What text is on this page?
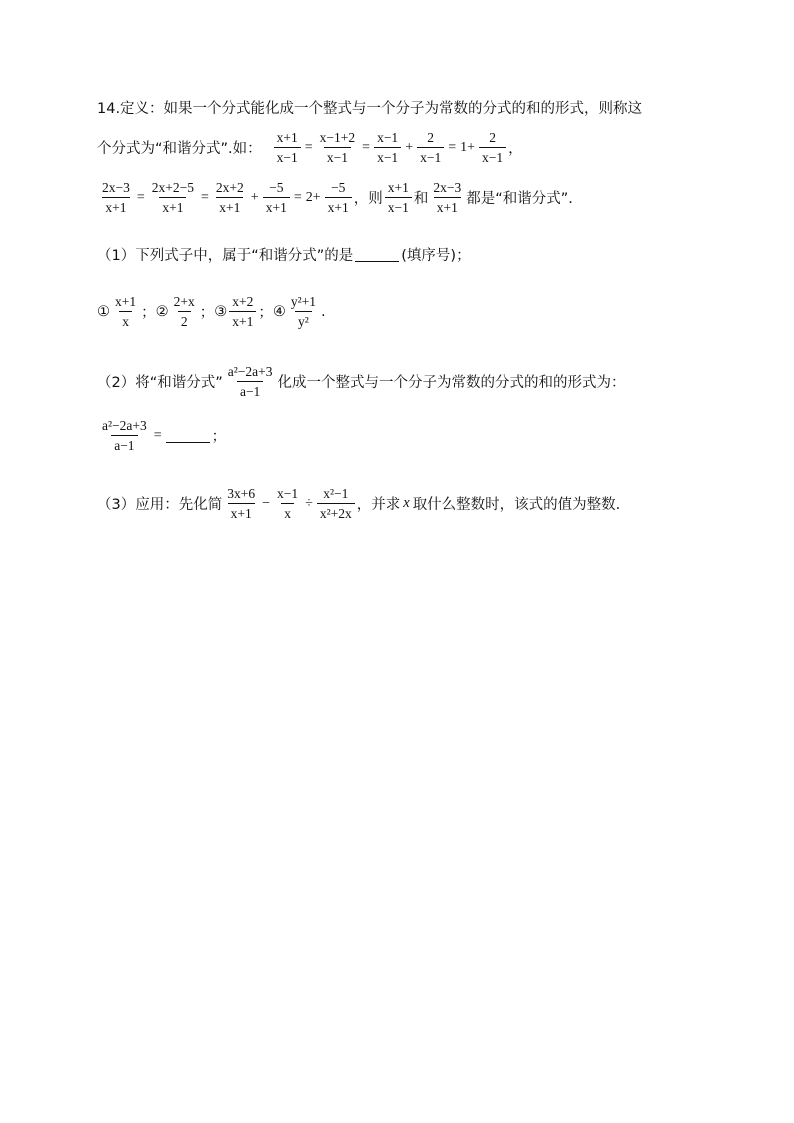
14.定义：如果一个分式能化成一个整式与一个分子为常数的分式的和的形式，则称这
个分式为“和谐分式”.如： $\frac{x+1}{x-1} = \frac{x-1+2}{x-1} = \frac{x-1}{x-1} + \frac{2}{x-1} = 1+ \frac{2}{x-1}$ ，
$\frac{2x-3}{x+1} = \frac{2x+2-5}{x+1} = \frac{2x+2}{x+1} + \frac{-5}{x+1} = 2+ \frac{-5}{x+1}$ ，则 $\frac{x+1}{x-1}$ 和 $\frac{2x-3}{x+1}$ 都是“和谐分式”.
（1）下列式子中，属于“和谐分式”的是	(填序号)；
① $\frac{x+1}{x}$ ； ② $\frac{2+x}{2}$ ； ③ $\frac{x+2}{x+1}$ ； ④ $\frac{\text{y²+1}}{\text{y²}}$ .
（2）将“和谐分式” $\frac{\text{a²−2a+3}}{a-1}$ 化成一个整式与一个分子为常数的分式的和的形式为：
$\frac{\text{a²−2a+3}}{a-1}$ =	；
（3）应用：先化简 $\frac{3x+6}{x+1} - \frac{x-1}{x} \div \frac{\text{x²−1}}{\text{x²+2x}}$ ，并求 x 取什么整数时，该式的值为整数.
